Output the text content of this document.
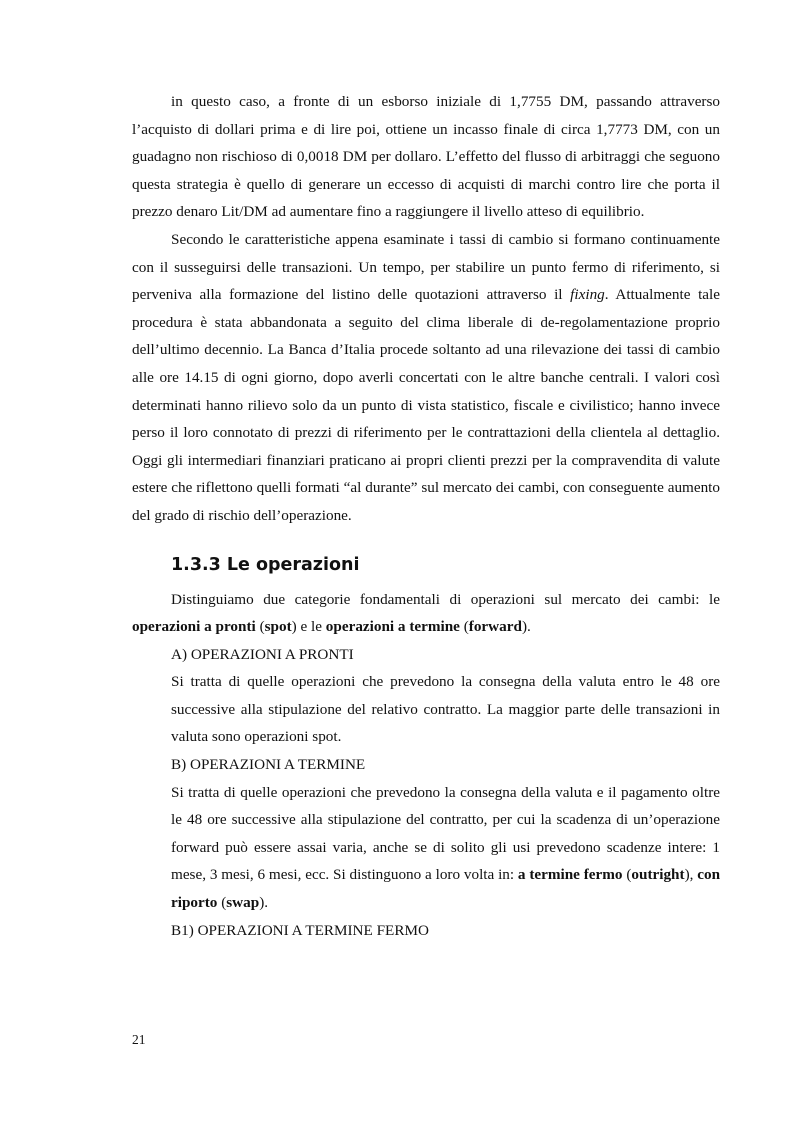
in questo caso, a fronte di un esborso iniziale di 1,7755 DM, passando attraverso l’acquisto di dollari prima e di lire poi, ottiene un incasso finale di circa 1,7773 DM, con un guadagno non rischioso di 0,0018 DM per dollaro. L’effetto del flusso di arbitraggi che seguono questa strategia è quello di generare un eccesso di acquisti di marchi contro lire che porta il prezzo denaro Lit/DM ad aumentare fino a raggiungere il livello atteso di equilibrio.

Secondo le caratteristiche appena esaminate i tassi di cambio si formano continuamente con il susseguirsi delle transazioni. Un tempo, per stabilire un punto fermo di riferimento, si perveniva alla formazione del listino delle quotazioni attraverso il fixing. Attualmente tale procedura è stata abbandonata a seguito del clima liberale di de-regolamentazione proprio dell’ultimo decennio. La Banca d’Italia procede soltanto ad una rilevazione dei tassi di cambio alle ore 14.15 di ogni giorno, dopo averli concertati con le altre banche centrali. I valori così determinati hanno rilievo solo da un punto di vista statistico, fiscale e civilistico; hanno invece perso il loro connotato di prezzi di riferimento per le contrattazioni della clientela al dettaglio. Oggi gli intermediari finanziari praticano ai propri clienti prezzi per la compravendita di valute estere che riflettono quelli formati “al durante” sul mercato dei cambi, con conseguente aumento del grado di rischio dell’operazione.

1.3.3 Le operazioni

Distinguiamo due categorie fondamentali di operazioni sul mercato dei cambi: le operazioni a pronti (spot) e le operazioni a termine (forward).

A) OPERAZIONI A PRONTI

Si tratta di quelle operazioni che prevedono la consegna della valuta entro le 48 ore successive alla stipulazione del relativo contratto. La maggior parte delle transazioni in valuta sono operazioni spot.

B) OPERAZIONI A TERMINE

Si tratta di quelle operazioni che prevedono la consegna della valuta e il pagamento oltre le 48 ore successive alla stipulazione del contratto, per cui la scadenza di un’operazione forward può essere assai varia, anche se di solito gli usi prevedono scadenze intere: 1 mese, 3 mesi, 6 mesi, ecc. Si distinguono a loro volta in: a termine fermo (outright), con riporto (swap).

B1) OPERAZIONI A TERMINE FERMO

21
